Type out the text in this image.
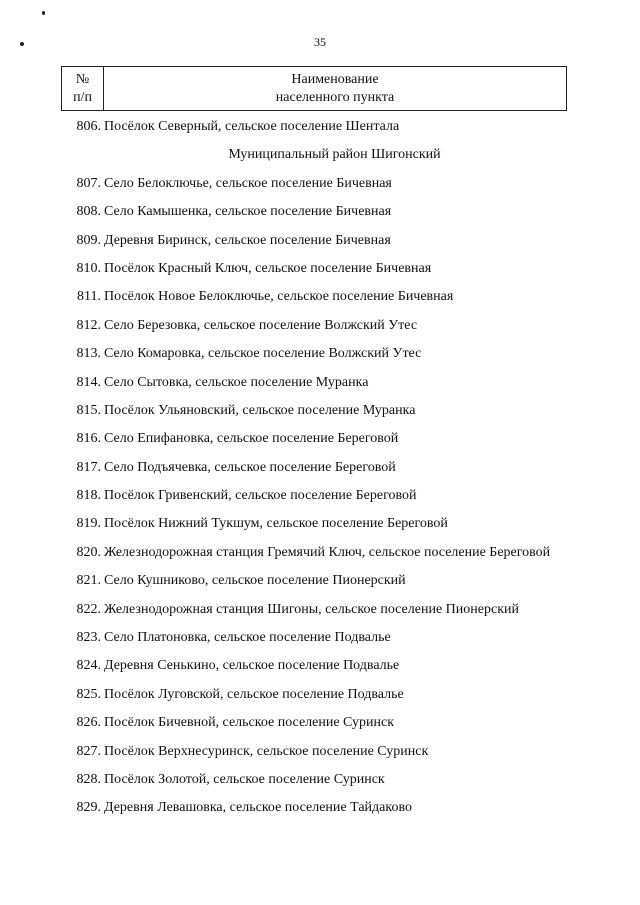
35
№
п/п
Наименование
населенного пункта
806. Посёлок Северный, сельское поселение Шентала
Муниципальный район Шигонский
807. Село Белоключье, сельское поселение Бичевная
808. Село Камышенка, сельское поселение Бичевная
809. Деревня Биринск, сельское поселение Бичевная
810. Посёлок Красный Ключ, сельское поселение Бичевная
811. Посёлок Новое Белоключье, сельское поселение Бичевная
812. Село Березовка, сельское поселение Волжский Утес
813. Село Комаровка, сельское поселение Волжский Утес
814. Село Сытовка, сельское поселение Муранка
815. Посёлок Ульяновский, сельское поселение Муранка
816. Село Епифановка, сельское поселение Береговой
817. Село Подъячевка, сельское поселение Береговой
818. Посёлок Гривенский, сельское поселение Береговой
819. Посёлок Нижний Тукшум, сельское поселение Береговой
820. Железнодорожная станция Гремячий Ключ, сельское поселение Береговой
821. Село Кушниково, сельское поселение Пионерский
822. Железнодорожная станция Шигоны, сельское поселение Пионерский
823. Село Платоновка, сельское поселение Подвалье
824. Деревня Сенькино, сельское поселение Подвалье
825. Посёлок Луговской, сельское поселение Подвалье
826. Посёлок Бичевной, сельское поселение Суринск
827. Посёлок Верхнесуринск, сельское поселение Суринск
828. Посёлок Золотой, сельское поселение Суринск
829. Деревня Левашовка, сельское поселение Тайдаково
